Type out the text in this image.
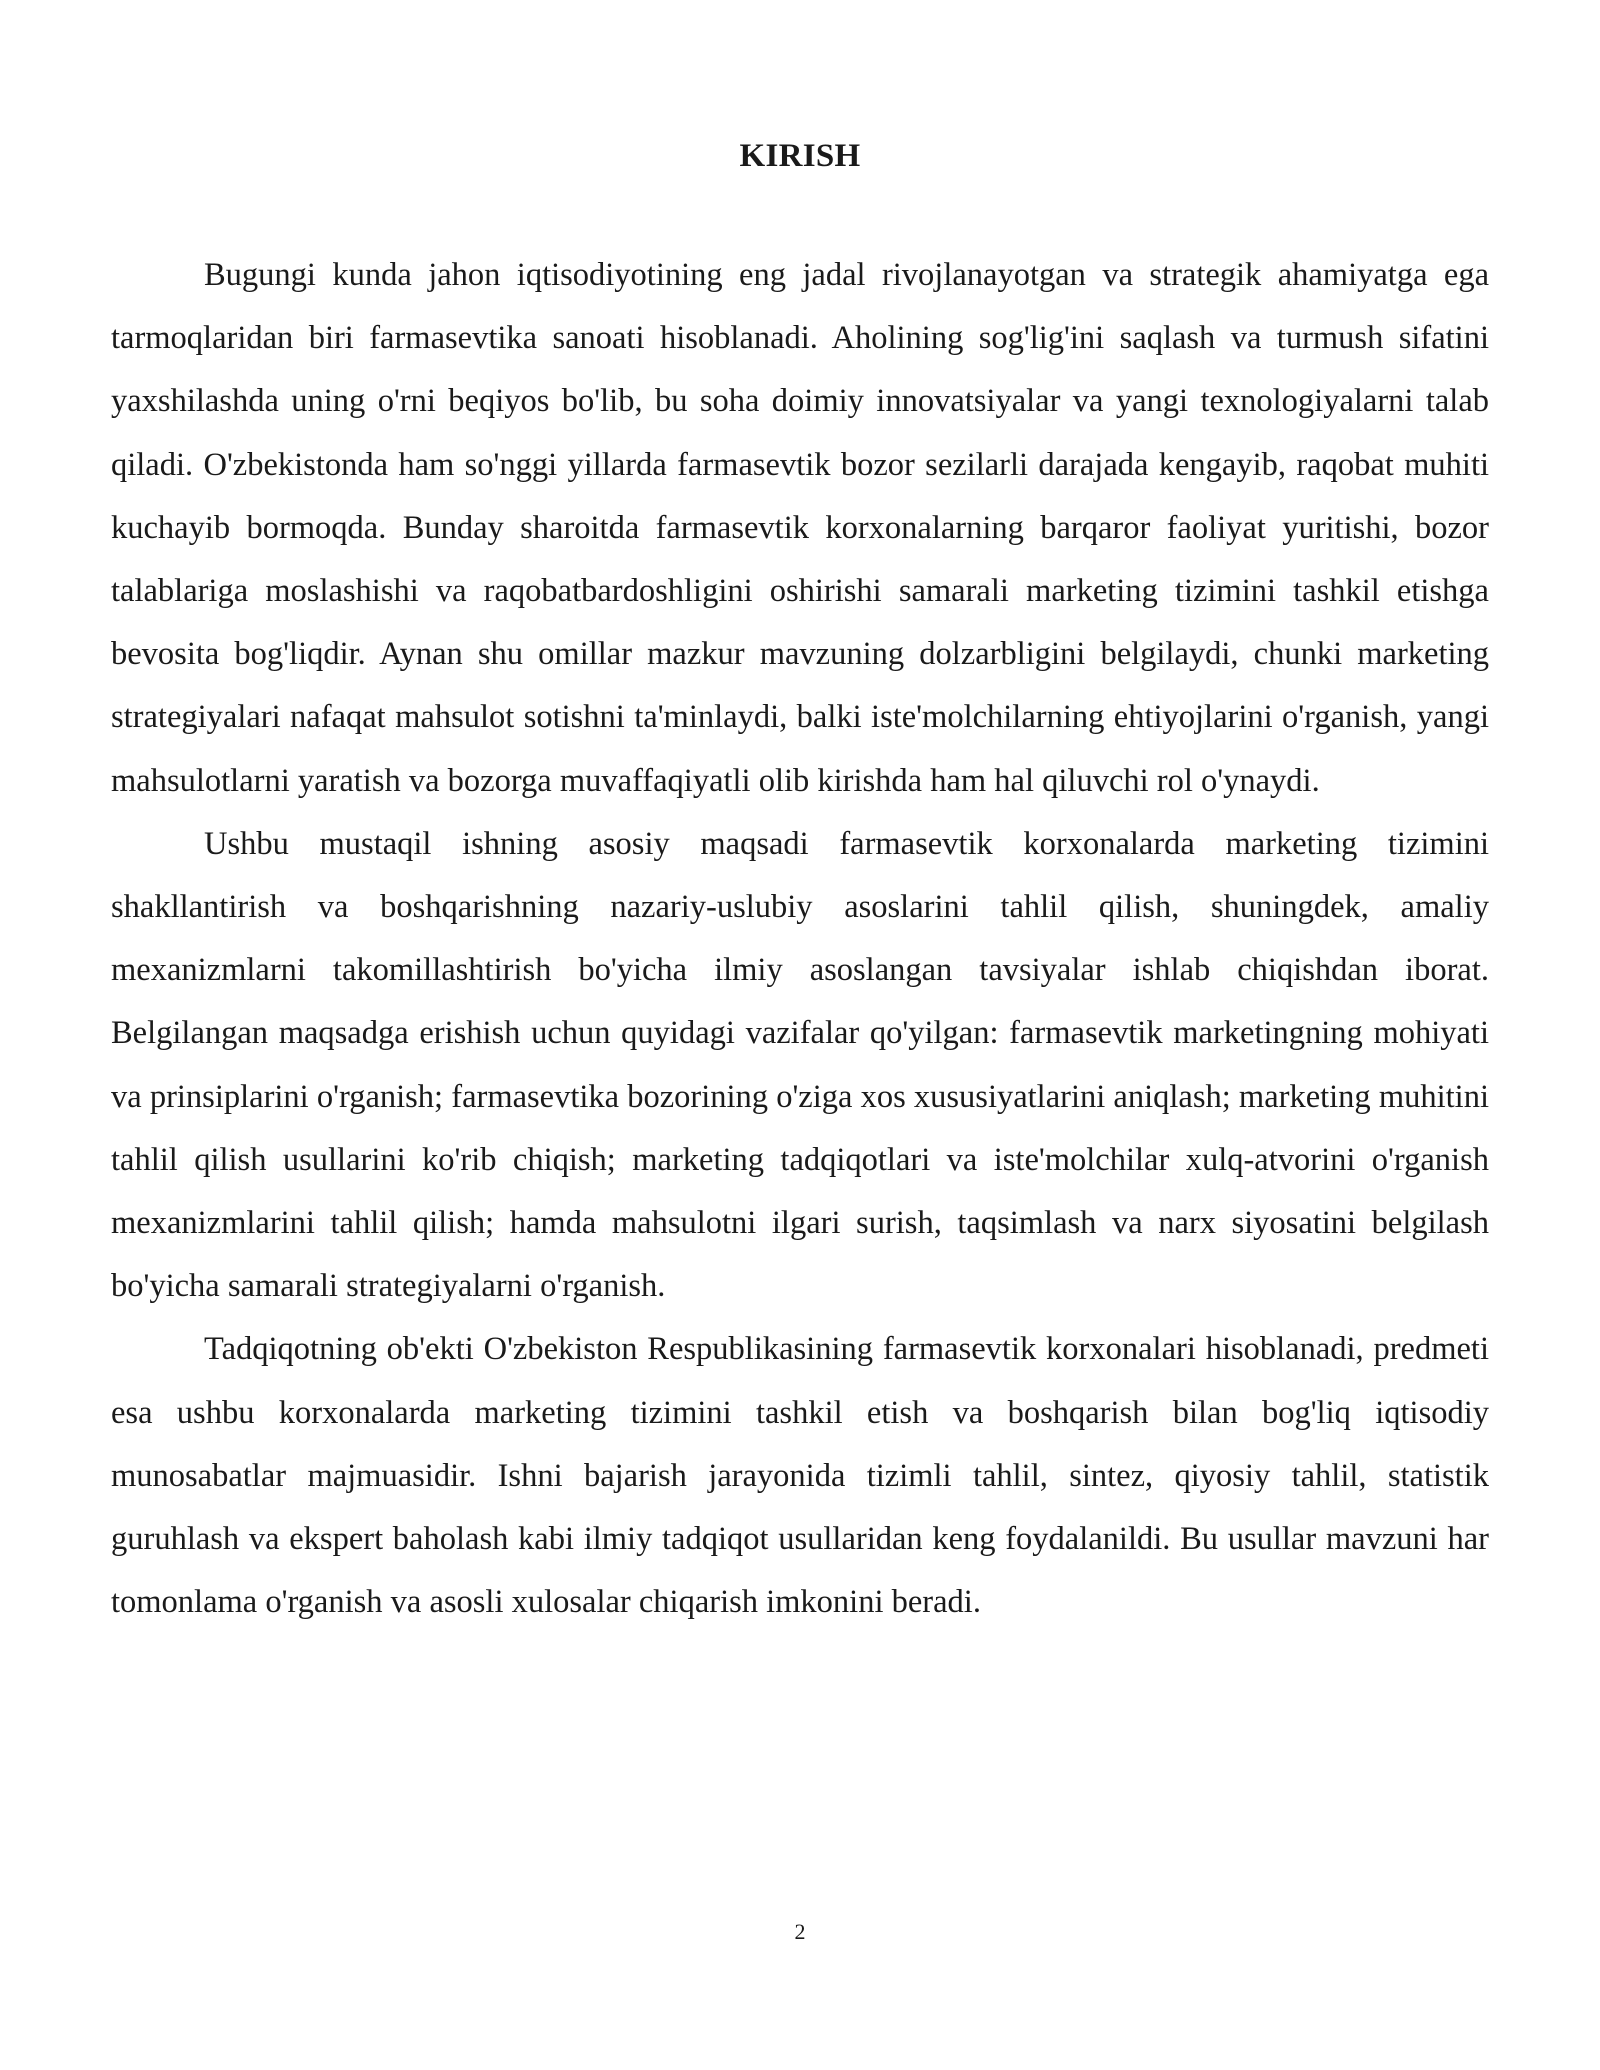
KIRISH

Bugungi kunda jahon iqtisodiyotining eng jadal rivojlanayotgan va strategik ahamiyatga ega tarmoqlaridan biri farmasevtika sanoati hisoblanadi. Aholining sog'lig'ini saqlash va turmush sifatini yaxshilashda uning o'rni beqiyos bo'lib, bu soha doimiy innovatsiyalar va yangi texnologiyalarni talab qiladi. O'zbekistonda ham so'nggi yillarda farmasevtik bozor sezilarli darajada kengayib, raqobat muhiti kuchayib bormoqda. Bunday sharoitda farmasevtik korxonalarning barqaror faoliyat yuritishi, bozor talablariga moslashishi va raqobatbardoshligini oshirishi samarali marketing tizimini tashkil etishga bevosita bog'liqdir. Aynan shu omillar mazkur mavzuning dolzarbligini belgilaydi, chunki marketing strategiyalari nafaqat mahsulot sotishni ta'minlaydi, balki iste'molchilarning ehtiyojlarini o'rganish, yangi mahsulotlarni yaratish va bozorga muvaffaqiyatli olib kirishda ham hal qiluvchi rol o'ynaydi.

Ushbu mustaqil ishning asosiy maqsadi farmasevtik korxonalarda marketing tizimini shakllantirish va boshqarishning nazariy-uslubiy asoslarini tahlil qilish, shuningdek, amaliy mexanizmlarni takomillashtirish bo'yicha ilmiy asoslangan tavsiyalar ishlab chiqishdan iborat. Belgilangan maqsadga erishish uchun quyidagi vazifalar qo'yilgan: farmasevtik marketingning mohiyati va prinsiplarini o'rganish; farmasevtika bozorining o'ziga xos xususiyatlarini aniqlash; marketing muhitini tahlil qilish usullarini ko'rib chiqish; marketing tadqiqotlari va iste'molchilar xulq-atvorini o'rganish mexanizmlarini tahlil qilish; hamda mahsulotni ilgari surish, taqsimlash va narx siyosatini belgilash bo'yicha samarali strategiyalarni o'rganish.

Tadqiqotning ob'ekti O'zbekiston Respublikasining farmasevtik korxonalari hisoblanadi, predmeti esa ushbu korxonalarda marketing tizimini tashkil etish va boshqarish bilan bog'liq iqtisodiy munosabatlar majmuasidir. Ishni bajarish jarayonida tizimli tahlil, sintez, qiyosiy tahlil, statistik guruhlash va ekspert baholash kabi ilmiy tadqiqot usullaridan keng foydalanildi. Bu usullar mavzuni har tomonlama o'rganish va asosli xulosalar chiqarish imkonini beradi.

2
